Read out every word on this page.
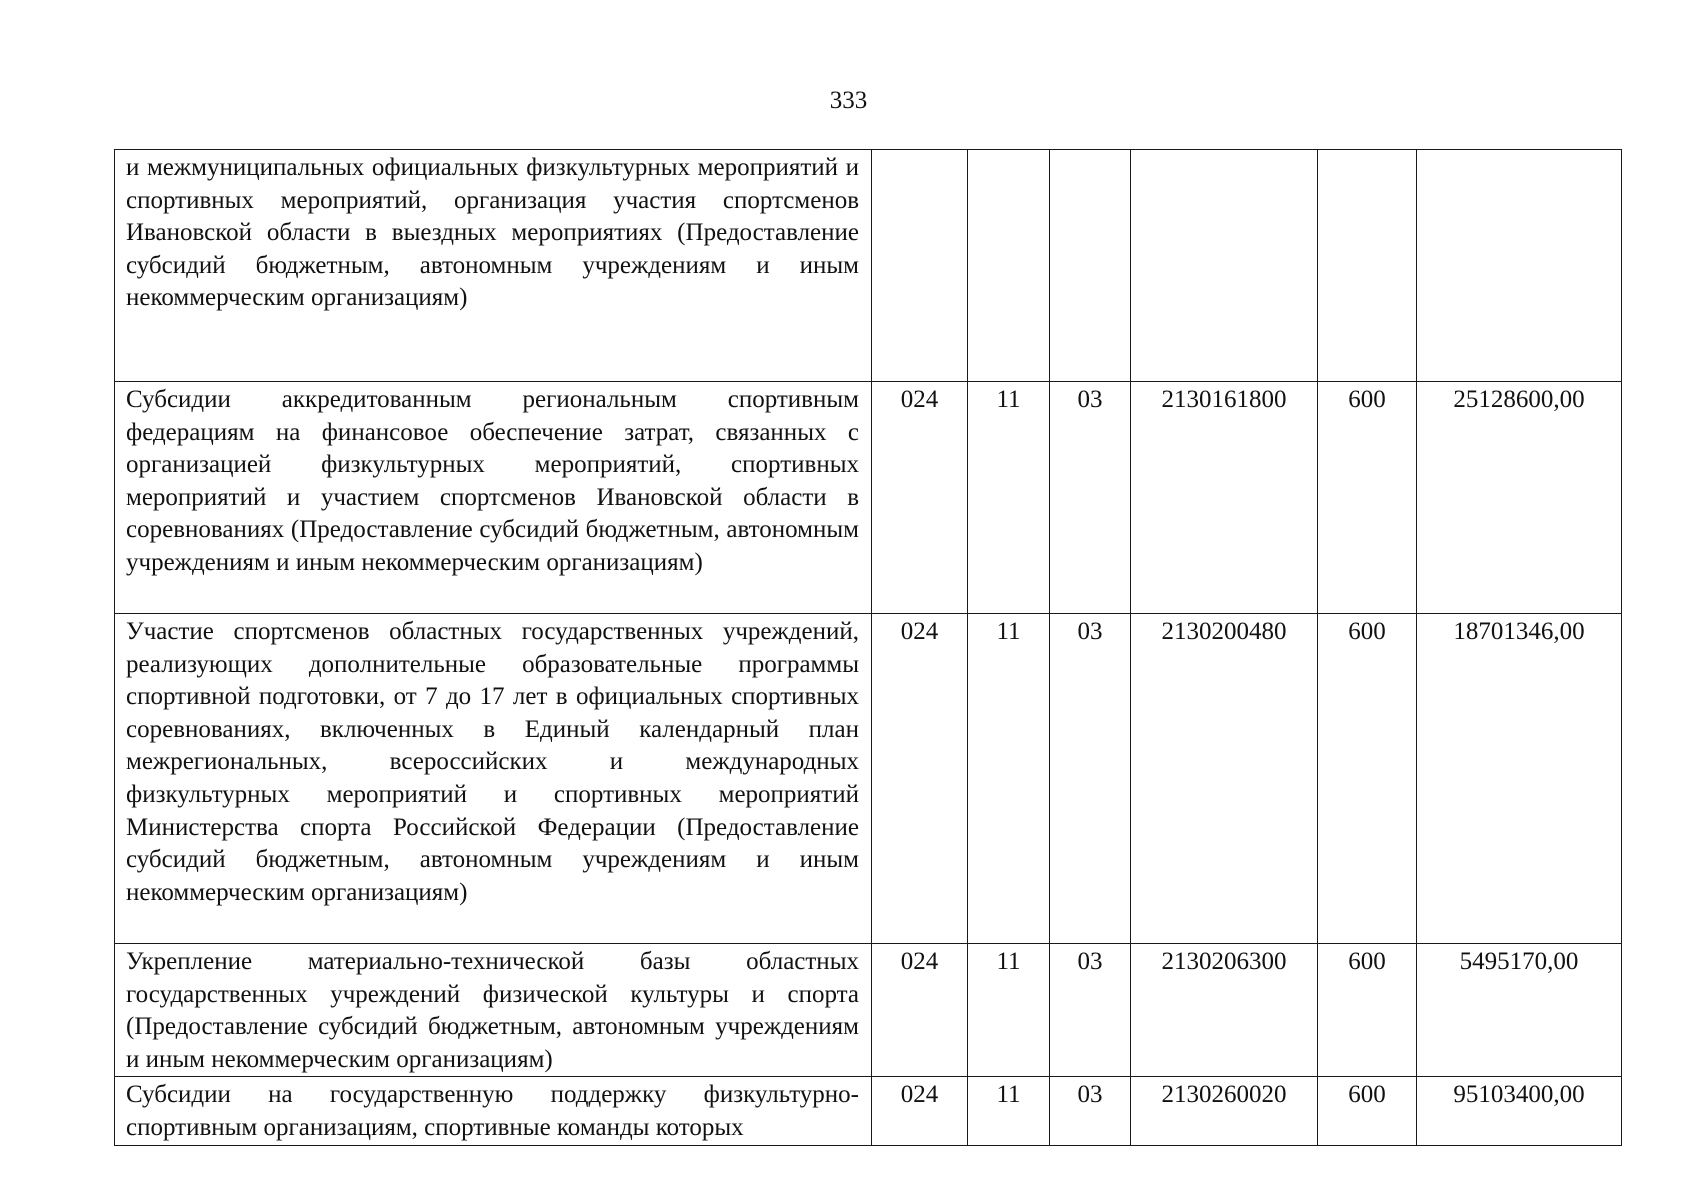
333
и межмуниципальных официальных физкультурных мероприятий и спортивных мероприятий, организация участия спортсменов Ивановской области в выездных мероприятиях (Предоставление субсидий бюджетным, автономным учреждениям и иным некоммерческим организациям)						
Субсидии аккредитованным региональным спортивным федерациям на финансовое обеспечение затрат, связанных с организацией физкультурных мероприятий, спортивных мероприятий и участием спортсменов Ивановской области в соревнованиях (Предоставление субсидий бюджетным, автономным учреждениям и иным некоммерческим организациям)	024	11	03	2130161800	600	25128600,00
Участие спортсменов областных государственных учреждений, реализующих дополнительные образовательные программы спортивной подготовки, от 7 до 17 лет в официальных спортивных соревнованиях, включенных в Единый календарный план межрегиональных, всероссийских и международных физкультурных мероприятий и спортивных мероприятий Министерства спорта Российской Федерации (Предоставление субсидий бюджетным, автономным учреждениям и иным некоммерческим организациям)	024	11	03	2130200480	600	18701346,00
Укрепление материально-технической базы областных государственных учреждений физической культуры и спорта (Предоставление субсидий бюджетным, автономным учреждениям и иным некоммерческим организациям)	024	11	03	2130206300	600	5495170,00

Субсидии на государственную поддержку физкультурно-спортивным организациям, спортивные команды которых	024	11	03	2130260020	600	95103400,00
